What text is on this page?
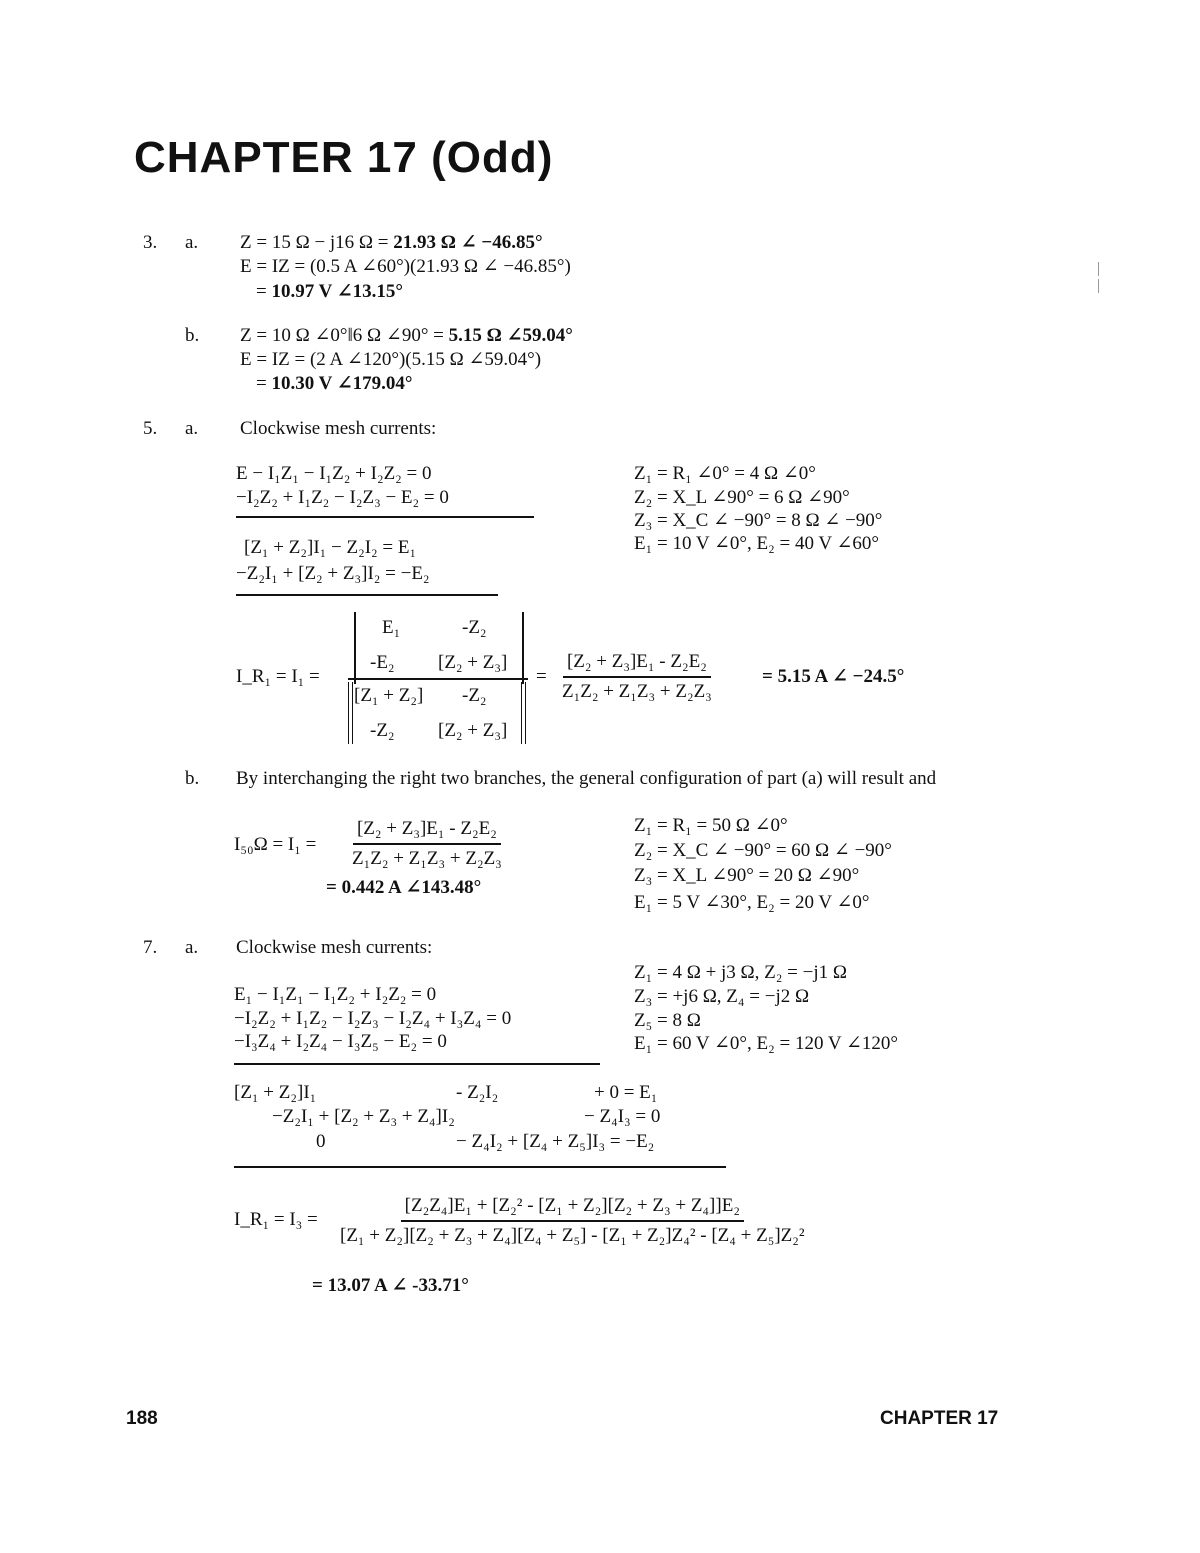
CHAPTER 17 (Odd)
3. a. Z = 15 Ω − j16 Ω = 21.93 Ω ∠ −46.85°
E = IZ = (0.5 A ∠60°)(21.93 Ω ∠ −46.85°)
= 10.97 V ∠13.15°
b. Z = 10 Ω ∠0°‖6 Ω ∠90° = 5.15 Ω ∠59.04°
E = IZ = (2 A ∠120°)(5.15 Ω ∠59.04°)
= 10.30 V ∠179.04°
5. a. Clockwise mesh currents:
E − I₁Z₁ − I₁Z₂ + I₂Z₂ = 0
−I₂Z₂ + I₁Z₂ − I₂Z₃ − E₂ = 0
[Z₁ + Z₂]I₁ − Z₂I₂ = E₁
−Z₂I₁ + [Z₂ + Z₃]I₂ = −E₂
Z₁ = R₁ ∠0° = 4 Ω ∠0°
Z₂ = X_L ∠90° = 6 Ω ∠90°
Z₃ = X_C ∠ −90° = 8 Ω ∠ −90°
E₁ = 10 V ∠0°, E₂ = 40 V ∠60°
I_R₁ = I₁ =
E₁	-Z₂
-E₂ [Z₂ + Z₃]
[Z₁ + Z₂] -Z₂
-Z₂ [Z₂ + Z₃]
= $\frac{\text{[Z₂ + Z₃]E₁ - Z₂E₂}}{\text{Z₁Z₂ + Z₁Z₃ + Z₂Z₃}} = 5.15$ A ∠ −24.5°
b. By interchanging the right two branches, the general configuration of part (a) will result and
$I_{50}\Omega = I_1 = \frac{\text{[Z₂ + Z₃]E₁ - Z₂E₂}}{\text{Z₁Z₂ + Z₁Z₃ + Z₂Z₃}}$
= 0.442 A ∠143.48°
Z₁ = R₁ = 50 Ω ∠0°
Z₂ = X_C ∠ −90° = 60 Ω ∠ −90°
Z₃ = X_L ∠90° = 20 Ω ∠90°
E₁ = 5 V ∠30°, E₂ = 20 V ∠0°
7. a. Clockwise mesh currents:
E₁ − I₁Z₁ − I₁Z₂ + I₂Z₂ = 0
−I₂Z₂ + I₁Z₂ − I₂Z₃ − I₂Z₄ + I₃Z₄ = 0
−I₃Z₄ + I₂Z₄ − I₃Z₅ − E₂ = 0
Z₁ = 4 Ω + j3 Ω, Z₂ = −j1 Ω
Z₃ = +j6 Ω, Z₄ = −j2 Ω
Z₅ = 8 Ω
E₁ = 60 V ∠0°, E₂ = 120 V ∠120°
[Z₁ + Z₂]I₁	- Z₂I₂	+ 0 = E₁
−Z₂I₁ + [Z₂ + Z₃ + Z₄]I₂	− Z₄I₃ = 0
0	− Z₄I₂ + [Z₄ + Z₅]I₃ = −E₂
I_R₁ = I₃ =
[Z₂Z₄]E₁ + [Z₂² - [Z₁ + Z₂][Z₂ + Z₃ + Z₄]]E₂
[Z₁ + Z₂][Z₂ + Z₃ + Z₄][Z₄ + Z₅] - [Z₁ + Z₂]Z₄² - [Z₄ + Z₅]Z₂²
= 13.07 A ∠ -33.71°
188	CHAPTER 17
